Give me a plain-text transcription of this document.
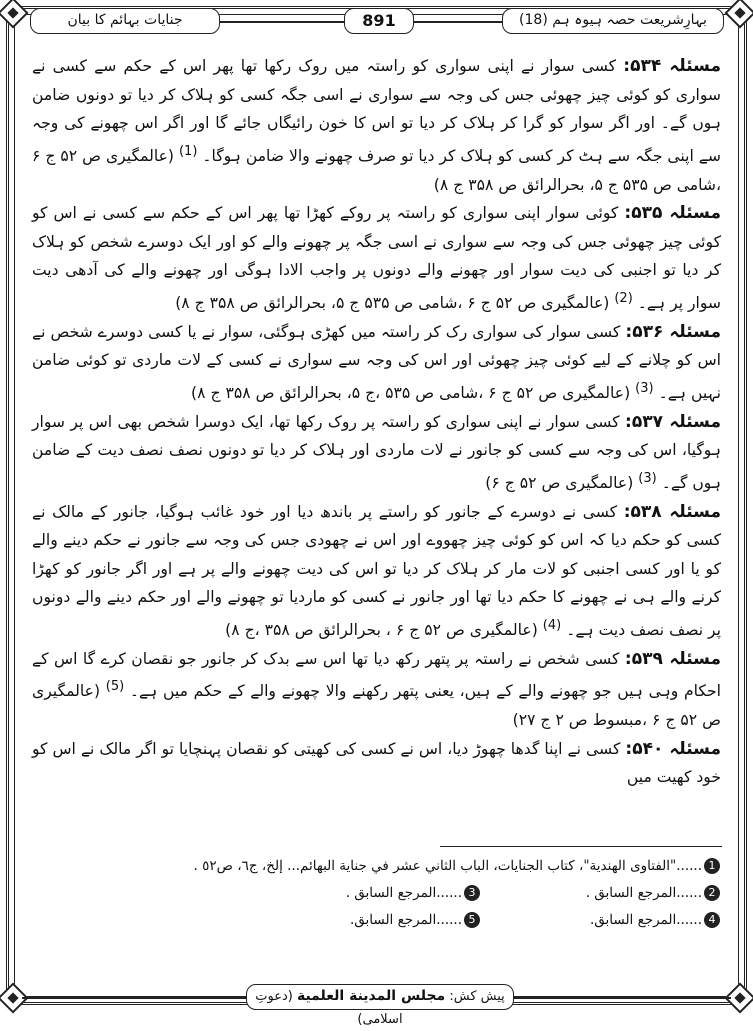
جنایات بہائم کا بیان	891	بہارِشریعت حصہ ہیوہ ہم (18)

مسئلہ ۵۳۴: کسی سوار نے اپنی سواری کو راستہ میں روک رکھا تھا پھر اس کے حکم سے کسی نے سواری کو کوئی چیز چھوئی جس کی وجہ سے سواری نے اسی جگہ کسی کو ہلاک کر دیا تو دونوں ضامن ہوں گے۔ اور اگر سوار کو گرا کر ہلاک کر دیا تو اس کا خون رائیگاں جائے گا اور اگر اس چھونے کی وجہ سے اپنی جگہ سے ہٹ کر کسی کو ہلاک کر دیا تو صرف چھونے والا ضامن ہوگا۔ $^{(1)}$ (عالمگیری ص ۵۲ ج ۶ ،شامی ص ۵۳۵ ج ۵، بحرالرائق ص ۳۵۸ ج ۸)

مسئلہ ۵۳۵: کوئی سوار اپنی سواری کو راستہ پر روکے کھڑا تھا پھر اس کے حکم سے کسی نے اس کو کوئی چیز چھوئی جس کی وجہ سے سواری نے اسی جگہ پر چھونے والے کو اور ایک دوسرے شخص کو ہلاک کر دیا تو اجنبی کی دیت سوار اور چھونے والے دونوں پر واجب الادا ہوگی اور چھونے والے کی آدھی دیت سوار پر ہے۔ $^{(2)}$ (عالمگیری ص ۵۲ ج ۶ ،شامی ص ۵۳۵ ج ۵، بحرالرائق ص ۳۵۸ ج ۸)

مسئلہ ۵۳۶: کسی سوار کی سواری رک کر راستہ میں کھڑی ہوگئی، سوار نے یا کسی دوسرے شخص نے اس کو چلانے کے لیے کوئی چیز چھوئی اور اس کی وجہ سے سواری نے کسی کے لات ماردی تو کوئی ضامن نہیں ہے۔ $^{(3)}$ (عالمگیری ص ۵۲ ج ۶ ،شامی ص ۵۳۵ ،ج ۵، بحرالرائق ص ۳۵۸ ج ۸)

مسئلہ ۵۳۷: کسی سوار نے اپنی سواری کو راستہ پر روک رکھا تھا، ایک دوسرا شخص بھی اس پر سوار ہوگیا، اس کی وجہ سے کسی کو جانور نے لات ماردی اور ہلاک کر دیا تو دونوں نصف نصف دیت کے ضامن ہوں گے۔ $^{(3)}$ (عالمگیری ص ۵۲ ج ۶)

مسئلہ ۵۳۸: کسی نے دوسرے کے جانور کو راستے پر باندھ دیا اور خود غائب ہوگیا، جانور کے مالک نے کسی کو حکم دیا کہ اس کو کوئی چیز چھووے اور اس نے چھودی جس کی وجہ سے جانور نے حکم دینے والے کو یا اور کسی اجنبی کو لات مار کر ہلاک کر دیا تو اس کی دیت چھونے والے پر ہے اور اگر جانور کو کھڑا کرنے والے ہی نے چھونے کا حکم دیا تھا اور جانور نے کسی کو ماردیا تو چھونے والے اور حکم دینے والے دونوں پر نصف نصف دیت ہے۔ $^{(4)}$ (عالمگیری ص ۵۲ ج ۶ ، بحرالرائق ص ۳۵۸ ،ج ۸)

مسئلہ ۵۳۹: کسی شخص نے راستہ پر پتھر رکھ دیا تھا اس سے بدک کر جانور جو نقصان کرے گا اس کے احکام وہی ہیں جو چھونے والے کے ہیں، یعنی پتھر رکھنے والا چھونے والے کے حکم میں ہے۔ $^{(5)}$ (عالمگیری ص ۵۲ ج ۶ ،مبسوط ص ۲ ج ۲۷)

مسئلہ ۵۴۰: کسی نے اپنا گدھا چھوڑ دیا، اس نے کسی کی کھیتی کو نقصان پہنچایا تو اگر مالک نے اس کو خود کھیت میں

1
......"الفتاوى الهندية"، كتاب الجنايات، الباب الثاني عشر في جناية البهائم... إلخ، ج٦، ص٥٢ .
2
......المرجع السابق .
3
......المرجع السابق .
4
......المرجع السابق.
5
......المرجع السابق.
پیش کش: مجلس المدينة العلمية (دعوتِ اسلامی)
